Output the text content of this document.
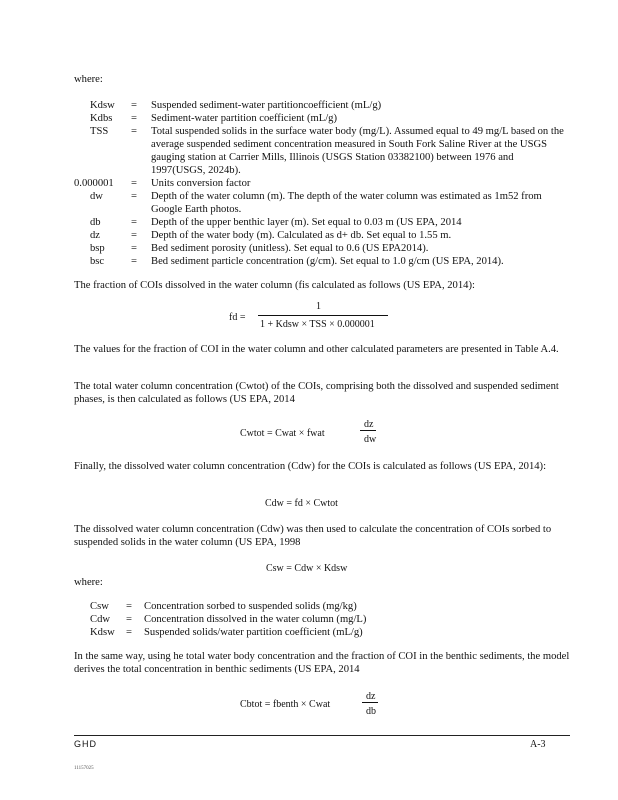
where:
Kdsw = Suspended sediment-water partitioncoefficient (mL/g)
Kdbs = Sediment-water partition coefficient (mL/g)
TSS = Total suspended solids in the surface water body (mg/L). Assumed equal to 49 mg/L based on the average suspended sediment concentration measured in South Fork Saline River at the USGS gauging station at Carrier Mills, Illinois (USGS Station 03382100) between 1976 and 1997(USGS, 2024b).
0.000001 = Units conversion factor
dw	= Depth of the water column (m). The depth of the water column was estimated as 1m52 from Google Earth photos.
db	= Depth of the upper benthic layer (m). Set equal to 0.03 m (US EPA, 2014
dz	= Depth of the water body (m). Calculated as d+ db. Set equal to 1.55 m.
bsp = Bed sediment porosity (unitless). Set equal to 0.6 (US EPA2014).
bsc	= Bed sediment particle concentration (g/cm). Set equal to 1.0 g/cm (US EPA, 2014).
The fraction of COIs dissolved in the water column (fis calculated as follows (US EPA, 2014):
fd =
1
1 + Kdsw × TSS × 0.000001
The values for the fraction of COI in the water column and other calculated parameters are presented in Table A.4.
The total water column concentration (Cwtot) of the COIs, comprising both the dissolved and suspended sediment phases, is then calculated as follows (US EPA, 2014
Cwtot = Cwat × fwat
dz
dw
Finally, the dissolved water column concentration (Cdw) for the COIs is calculated as follows (US EPA, 2014):
Cdw = fd × Cwtot
The dissolved water column concentration (Cdw) was then used to calculate the concentration of COIs sorbed to suspended solids in the water column (US EPA, 1998
Csw = Cdw × Kdsw
where:
Csw = Concentration sorbed to suspended solids (mg/kg)
Cdw = Concentration dissolved in the water column (mg/L)
Kdsw = Suspended solids/water partition coefficient (mL/g)
In the same way, using he total water body concentration and the fraction of COI in the benthic sediments, the model derives the total concentration in benthic sediments (US EPA, 2014
Cbtot = fbenth × Cwat
dz
db
GHD	A-3
11157025
